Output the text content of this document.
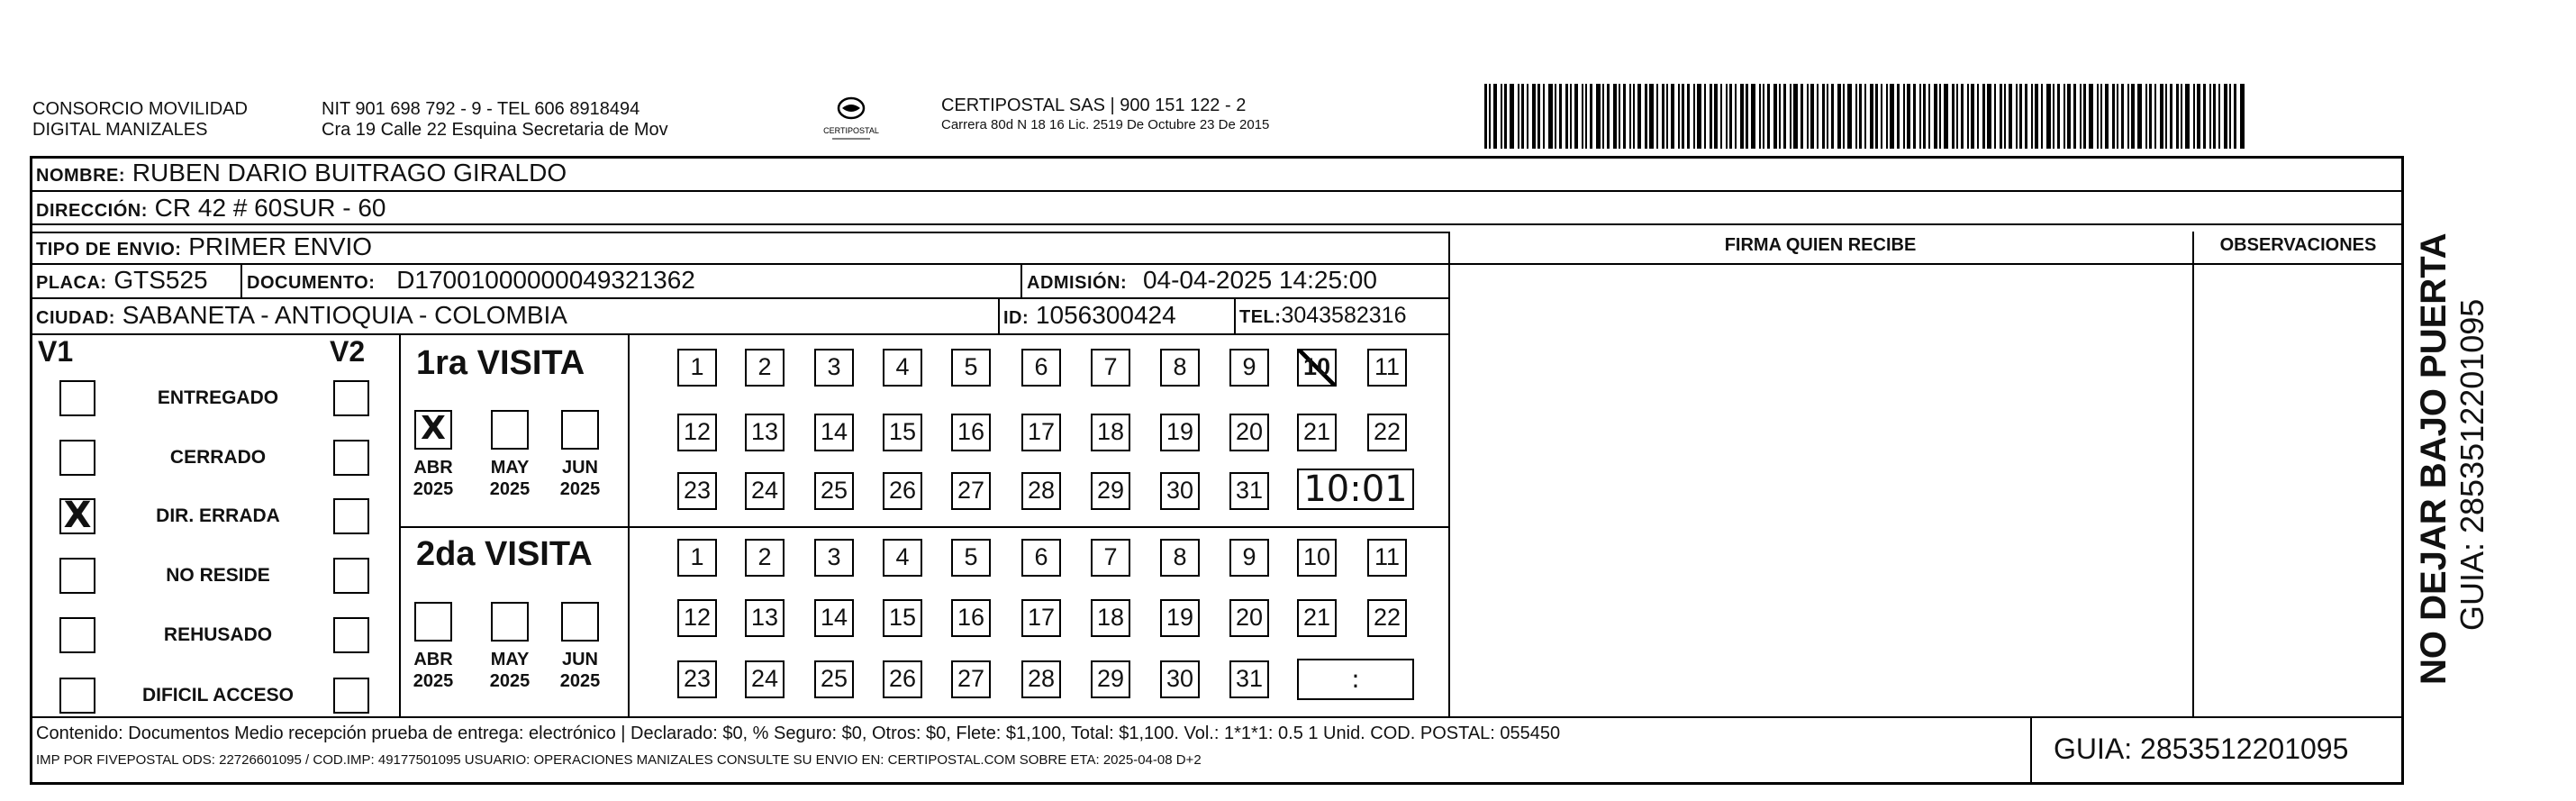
CONSORCIO MOVILIDAD
DIGITAL MANIZALES
NIT 901 698 792 - 9 - TEL 606 8918494
Cra 19 Calle 22 Esquina Secretaria de Mov	CERTIPOSTAL
CERTIPOSTAL SAS | 900 151 122 - 2
Carrera 80d N 18 16 Lic. 2519 De Octubre 23 De 2015
NOMBRE: RUBEN DARIO BUITRAGO GIRALDO
DIRECCIÓN: CR 42 # 60SUR - 60
TIPO DE ENVIO: PRIMER ENVIO	FIRMA QUIEN RECIBE	OBSERVACIONES
PLACA: GTS525 DOCUMENTO: D17001000000049321362	ADMISIÓN: 04-04-2025 14:25:00
CIUDAD: SABANETA - ANTIOQUIA - COLOMBIA	ID: 1056300424	TEL:3043582316
V1	V2
ENTREGADO
CERRADO
X	DIR. ERRADA
NO RESIDE
REHUSADO
DIFICIL ACCESO
1ra VISITA
X
ABR
2025
MAY
2025
JUN
2025
1	2	3	4	5	6	7	8	9	10 11
12 13 14 15 16 17 18 19 20 21 22
23 24 25 26 27 28 29 30 31 10:01
2da VISITA
ABR
2025
MAY
2025
JUN
2025
1	2	3	4	5	6	7	8	9	10 11
12 13 14 15 16 17 18 19 20 21 22
23 24 25 26 27 28 29 30 31	:
Contenido: Documentos Medio recepción prueba de entrega: electrónico | Declarado: $0, % Seguro: $0, Otros: $0, Flete: $1,100, Total: $1,100. Vol.: 1*1*1: 0.5 1 Unid. COD. POSTAL: 055450
IMP POR FIVEPOSTAL ODS: 22726601095 / COD.IMP: 49177501095 USUARIO: OPERACIONES MANIZALES CONSULTE SU ENVIO EN: CERTIPOSTAL.COM SOBRE ETA: 2025-04-08 D+2	GUIA: 2853512201095
NO DEJAR BAJO PUERTA GUIA: 2853512201095
